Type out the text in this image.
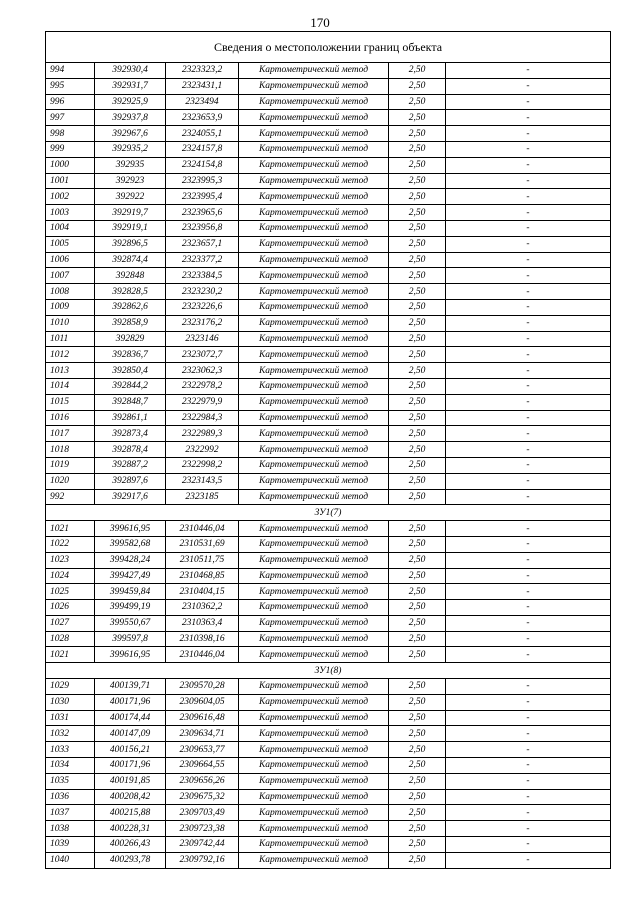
170
Сведения о местоположении границ объекта					
994	392930,4	2323323,2	Картометрический метод	2,50	-
995	392931,7	2323431,1	Картометрический метод	2,50	-
996	392925,9	2323494	Картометрический метод	2,50	-
997	392937,8	2323653,9	Картометрический метод	2,50	-
998	392967,6	2324055,1	Картометрический метод	2,50	-
999	392935,2	2324157,8	Картометрический метод	2,50	-
1000	392935	2324154,8	Картометрический метод	2,50	-
1001	392923	2323995,3	Картометрический метод	2,50	-
1002	392922	2323995,4	Картометрический метод	2,50	-
1003	392919,7	2323965,6	Картометрический метод	2,50	-
1004	392919,1	2323956,8	Картометрический метод	2,50	-
1005	392896,5	2323657,1	Картометрический метод	2,50	-
1006	392874,4	2323377,2	Картометрический метод	2,50	-
1007	392848	2323384,5	Картометрический метод	2,50	-
1008	392828,5	2323230,2	Картометрический метод	2,50	-
1009	392862,6	2323226,6	Картометрический метод	2,50	-
1010	392858,9	2323176,2	Картометрический метод	2,50	-
1011	392829	2323146	Картометрический метод	2,50	-
1012	392836,7	2323072,7	Картометрический метод	2,50	-
1013	392850,4	2323062,3	Картометрический метод	2,50	-
1014	392844,2	2322978,2	Картометрический метод	2,50	-
1015	392848,7	2322979,9	Картометрический метод	2,50	-
1016	392861,1	2322984,3	Картометрический метод	2,50	-
1017	392873,4	2322989,3	Картометрический метод	2,50	-
1018	392878,4	2322992	Картометрический метод	2,50	-
1019	392887,2	2322998,2	Картометрический метод	2,50	-
1020	392897,6	2323143,5	Картометрический метод	2,50	-
992	392917,6	2323185	Картометрический метод	2,50	-
ЗУ1(7)					
1021	399616,95	2310446,04	Картометрический метод	2,50	-
1022	399582,68	2310531,69	Картометрический метод	2,50	-
1023	399428,24	2310511,75	Картометрический метод	2,50	-
1024	399427,49	2310468,85	Картометрический метод	2,50	-
1025	399459,84	2310404,15	Картометрический метод	2,50	-
1026	399499,19	2310362,2	Картометрический метод	2,50	-
1027	399550,67	2310363,4	Картометрический метод	2,50	-
1028	399597,8	2310398,16	Картометрический метод	2,50	-
1021	399616,95	2310446,04	Картометрический метод	2,50	-
ЗУ1(8)					
1029	400139,71	2309570,28	Картометрический метод	2,50	-
1030	400171,96	2309604,05	Картометрический метод	2,50	-
1031	400174,44	2309616,48	Картометрический метод	2,50	-
1032	400147,09	2309634,71	Картометрический метод	2,50	-
1033	400156,21	2309653,77	Картометрический метод	2,50	-
1034	400171,96	2309664,55	Картометрический метод	2,50	-
1035	400191,85	2309656,26	Картометрический метод	2,50	-
1036	400208,42	2309675,32	Картометрический метод	2,50	-
1037	400215,88	2309703,49	Картометрический метод	2,50	-
1038	400228,31	2309723,38	Картометрический метод	2,50	-
1039	400266,43	2309742,44	Картометрический метод	2,50	-
1040	400293,78	2309792,16	Картометрический метод	2,50	-
